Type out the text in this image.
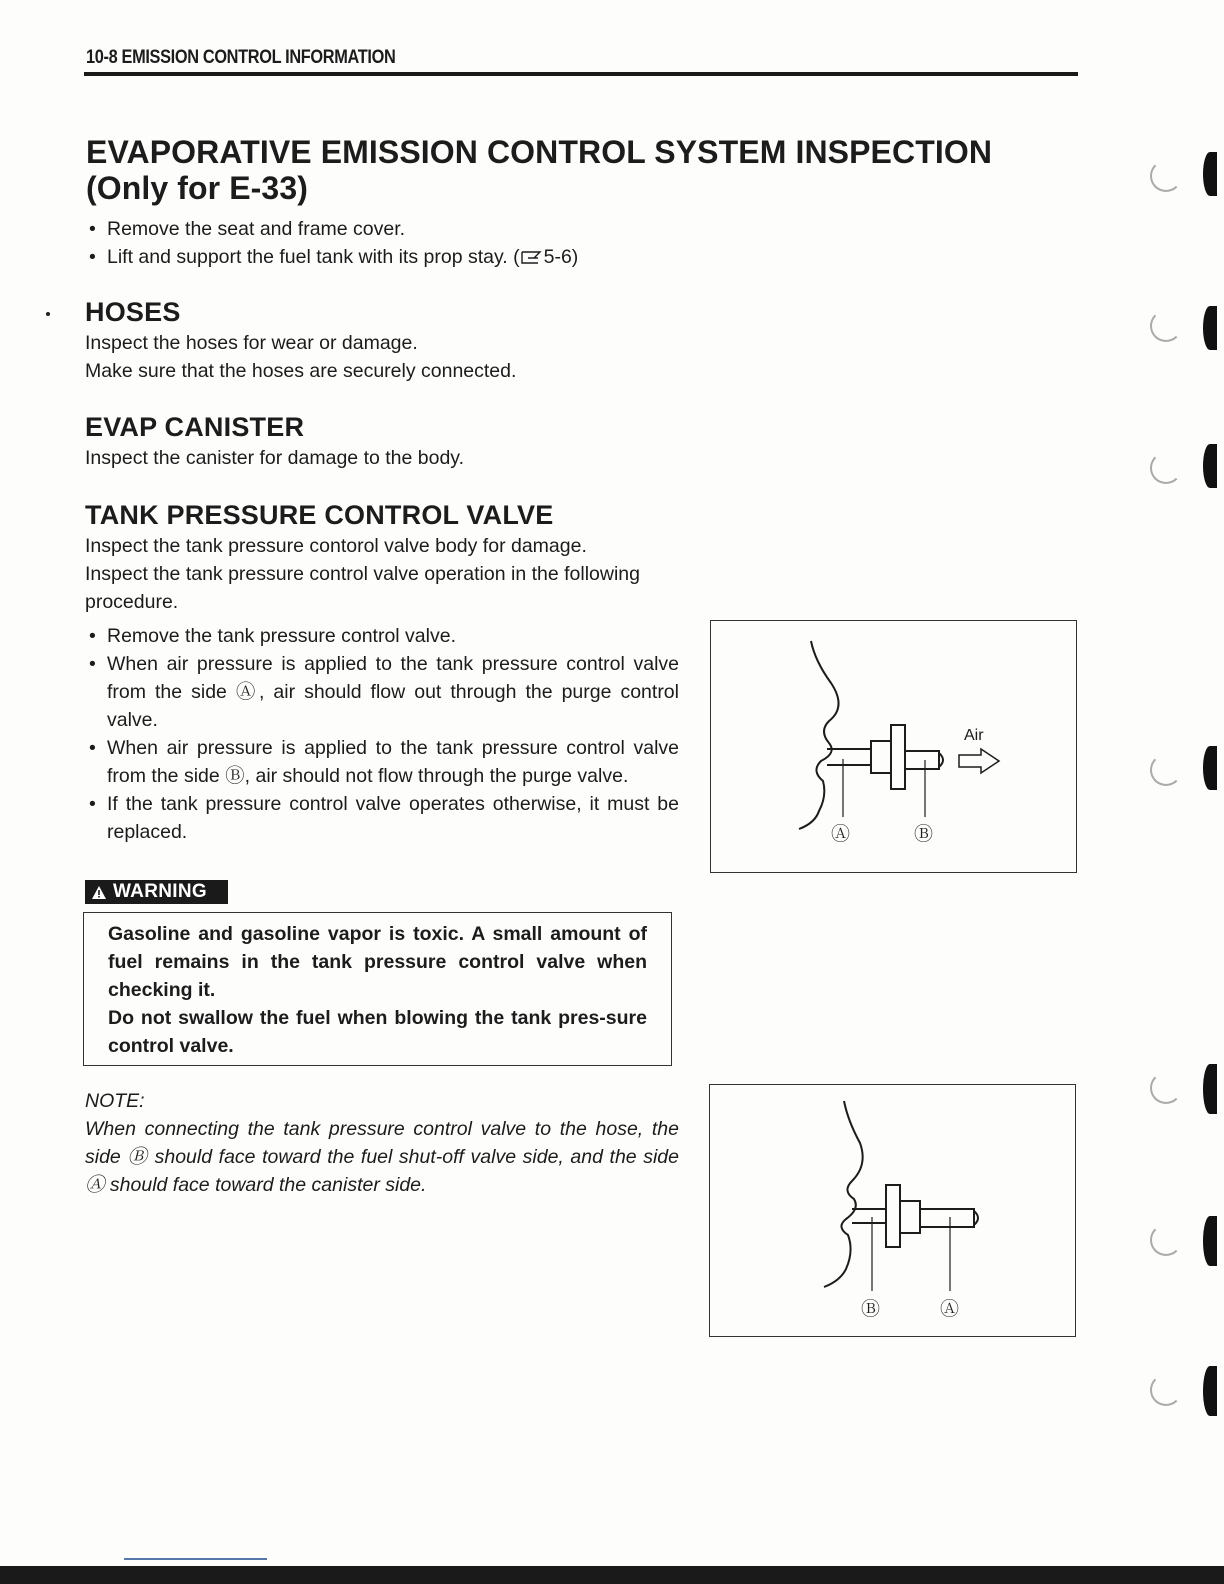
10-8 EMISSION CONTROL INFORMATION
EVAPORATIVE EMISSION CONTROL SYSTEM INSPECTION
(Only for E-33)
• Remove the seat and frame cover.
• Lift and support the fuel tank with its prop stay. ( 5-6)
HOSES
Inspect the hoses for wear or damage.
Make sure that the hoses are securely connected.
EVAP CANISTER
Inspect the canister for damage to the body.
TANK PRESSURE CONTROL VALVE
Inspect the tank pressure contorol valve body for damage.
Inspect the tank pressure control valve operation in the following procedure.
• Remove the tank pressure control valve.
• When air pressure is applied to the tank pressure control valve from the side Ⓐ, air should flow out through the purge control valve.
• When air pressure is applied to the tank pressure control valve from the side Ⓑ, air should not flow through the purge valve.
• If the tank pressure control valve operates otherwise, it must be replaced.
WARNING
Gasoline and gasoline vapor is toxic. A small amount of fuel remains in the tank pressure control valve when checking it.
Do not swallow the fuel when blowing the tank pres-sure control valve.
NOTE:
When connecting the tank pressure control valve to the hose, the side Ⓑ should face toward the fuel shut-off valve side, and the side Ⓐ should face toward the canister side.
Air
Ⓐ	Ⓑ
Ⓑ	Ⓐ
